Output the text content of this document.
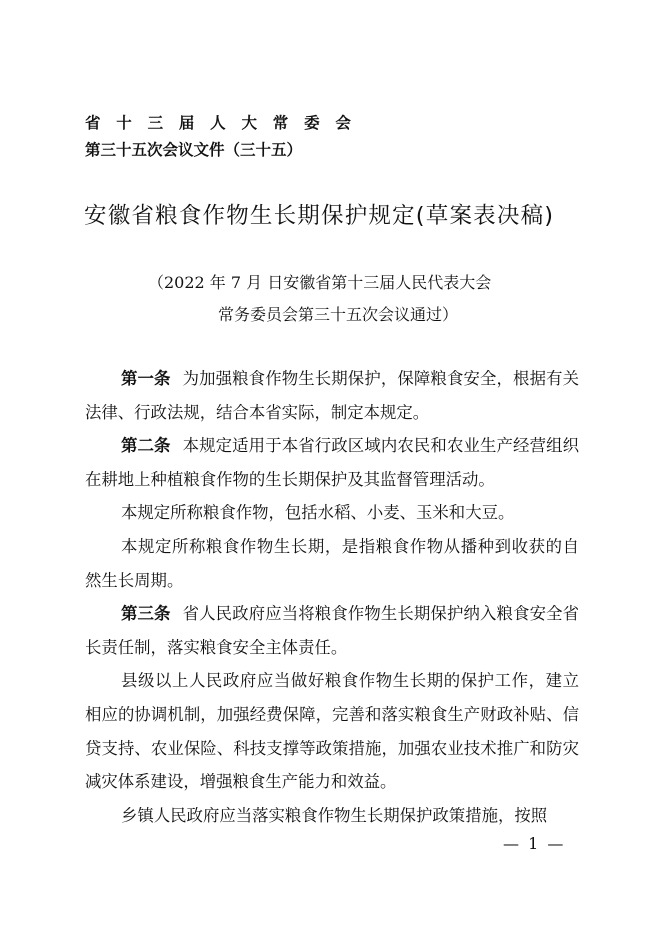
省 十 三 届 人 大 常 委 会
第三十五次会议文件（三十五）
安徽省粮食作物生长期保护规定(草案表决稿)
（2022 年 7 月 日安徽省第十三届人民代表大会
常务委员会第三十五次会议通过）

第一条 为加强粮食作物生长期保护，保障粮食安全，根据有关法律、行政法规，结合本省实际，制定本规定。

第二条 本规定适用于本省行政区域内农民和农业生产经营组织在耕地上种植粮食作物的生长期保护及其监督管理活动。

本规定所称粮食作物，包括水稻、小麦、玉米和大豆。

本规定所称粮食作物生长期，是指粮食作物从播种到收获的自然生长周期。

第三条 省人民政府应当将粮食作物生长期保护纳入粮食安全省长责任制，落实粮食安全主体责任。

县级以上人民政府应当做好粮食作物生长期的保护工作，建立相应的协调机制，加强经费保障，完善和落实粮食生产财政补贴、信贷支持、农业保险、科技支撑等政策措施，加强农业技术推广和防灾减灾体系建设，增强粮食生产能力和效益。

乡镇人民政府应当落实粮食作物生长期保护政策措施，按照

— 1 —
